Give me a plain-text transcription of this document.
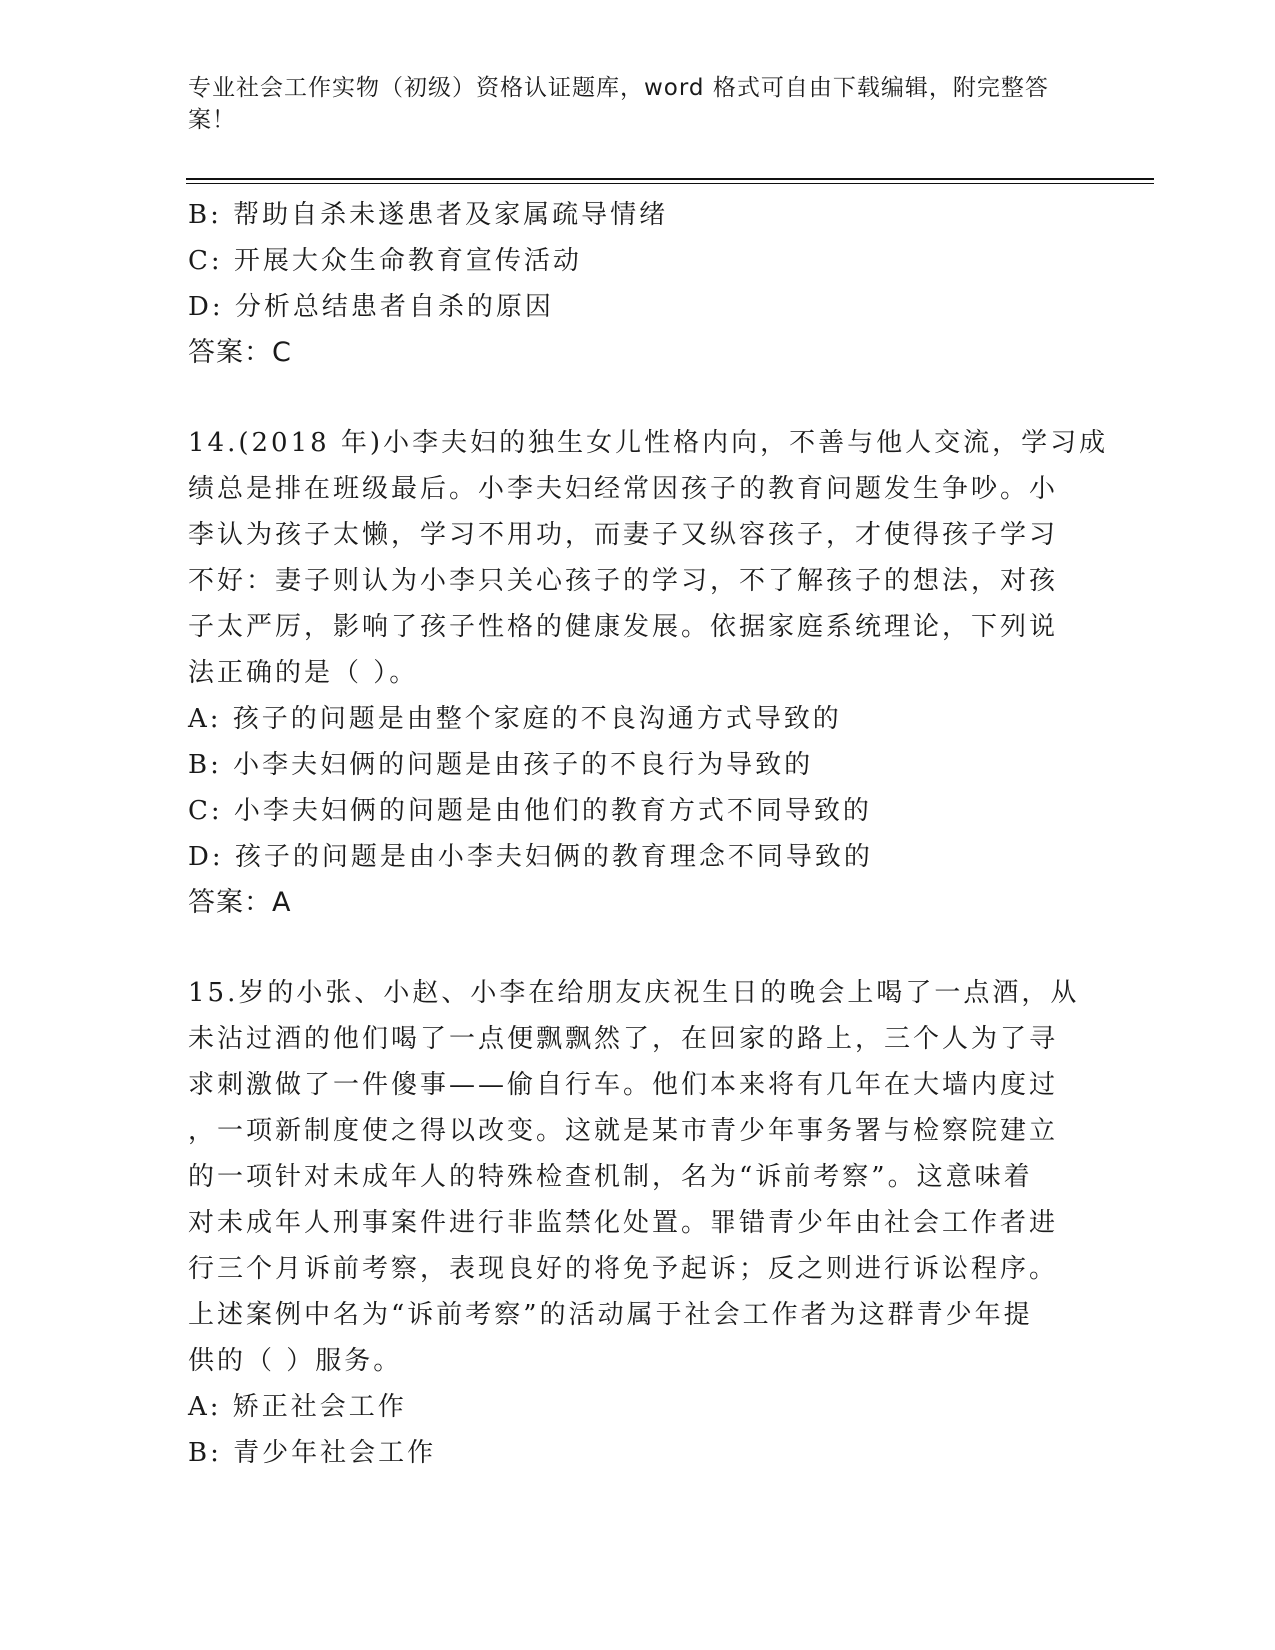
专业社会工作实物（初级）资格认证题库，word 格式可自由下载编辑，附完整答
案！
B: 帮助自杀未遂患者及家属疏导情绪
C: 开展大众生命教育宣传活动
D: 分析总结患者自杀的原因
答案：C
14.(2018 年)小李夫妇的独生女儿性格内向，不善与他人交流，学习成
绩总是排在班级最后。小李夫妇经常因孩子的教育问题发生争吵。小
李认为孩子太懒，学习不用功，而妻子又纵容孩子，才使得孩子学习
不好：妻子则认为小李只关心孩子的学习，不了解孩子的想法，对孩
子太严厉，影响了孩子性格的健康发展。依据家庭系统理论，下列说
法正确的是（ ）。
A: 孩子的问题是由整个家庭的不良沟通方式导致的
B: 小李夫妇俩的问题是由孩子的不良行为导致的
C: 小李夫妇俩的问题是由他们的教育方式不同导致的
D: 孩子的问题是由小李夫妇俩的教育理念不同导致的
答案：A
15.岁的小张、小赵、小李在给朋友庆祝生日的晚会上喝了一点酒，从
未沾过酒的他们喝了一点便飘飘然了，在回家的路上，三个人为了寻
求刺激做了一件傻事——偷自行车。他们本来将有几年在大墙内度过
，一项新制度使之得以改变。这就是某市青少年事务署与检察院建立
的一项针对未成年人的特殊检查机制，名为“诉前考察”。这意味着
对未成年人刑事案件进行非监禁化处置。罪错青少年由社会工作者进
行三个月诉前考察，表现良好的将免予起诉；反之则进行诉讼程序。
上述案例中名为“诉前考察”的活动属于社会工作者为这群青少年提
供的（ ）服务。
A: 矫正社会工作
B: 青少年社会工作
